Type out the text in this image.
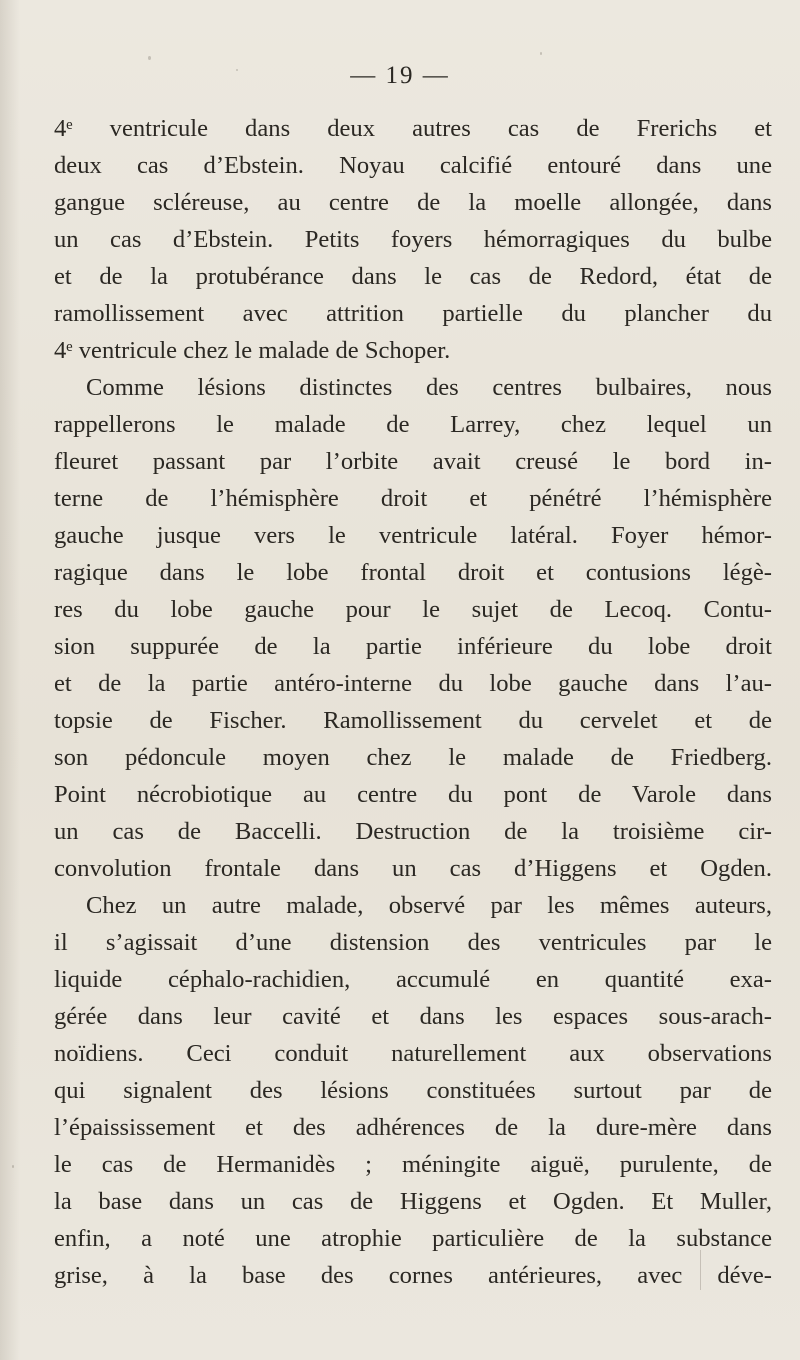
— 19 —
4ᵉ ventricule dans deux autres cas de Frerichs et
deux cas d’Ebstein. Noyau calcifié entouré dans une
gangue scléreuse, au centre de la moelle allongée, dans
un cas d’Ebstein. Petits foyers hémorragiques du bulbe
et de la protubérance dans le cas de Redord, état de
ramollissement avec attrition partielle du plancher du
4ᵉ ventricule chez le malade de Schoper.
Comme lésions distinctes des centres bulbaires, nous
rappellerons le malade de Larrey, chez lequel un
fleuret passant par l’orbite avait creusé le bord in-
terne de l’hémisphère droit et pénétré l’hémisphère
gauche jusque vers le ventricule latéral. Foyer hémor-
ragique dans le lobe frontal droit et contusions légè-
res du lobe gauche pour le sujet de Lecoq. Contu-
sion suppurée de la partie inférieure du lobe droit
et de la partie antéro-interne du lobe gauche dans l’au-
topsie de Fischer. Ramollissement du cervelet et de
son pédoncule moyen chez le malade de Friedberg.
Point nécrobiotique au centre du pont de Varole dans
un cas de Baccelli. Destruction de la troisième cir-
convolution frontale dans un cas d’Higgens et Ogden.
Chez un autre malade, observé par les mêmes auteurs,
il s’agissait d’une distension des ventricules par le
liquide céphalo-rachidien, accumulé en quantité exa-
gérée dans leur cavité et dans les espaces sous-arach-
noïdiens. Ceci conduit naturellement aux observations
qui signalent des lésions constituées surtout par de
l’épaississement et des adhérences de la dure-mère dans
le cas de Hermanidès ; méningite aiguë, purulente, de
la base dans un cas de Higgens et Ogden. Et Muller,
enfin, a noté une atrophie particulière de la substance
grise, à la base des cornes antérieures, avec déve-
